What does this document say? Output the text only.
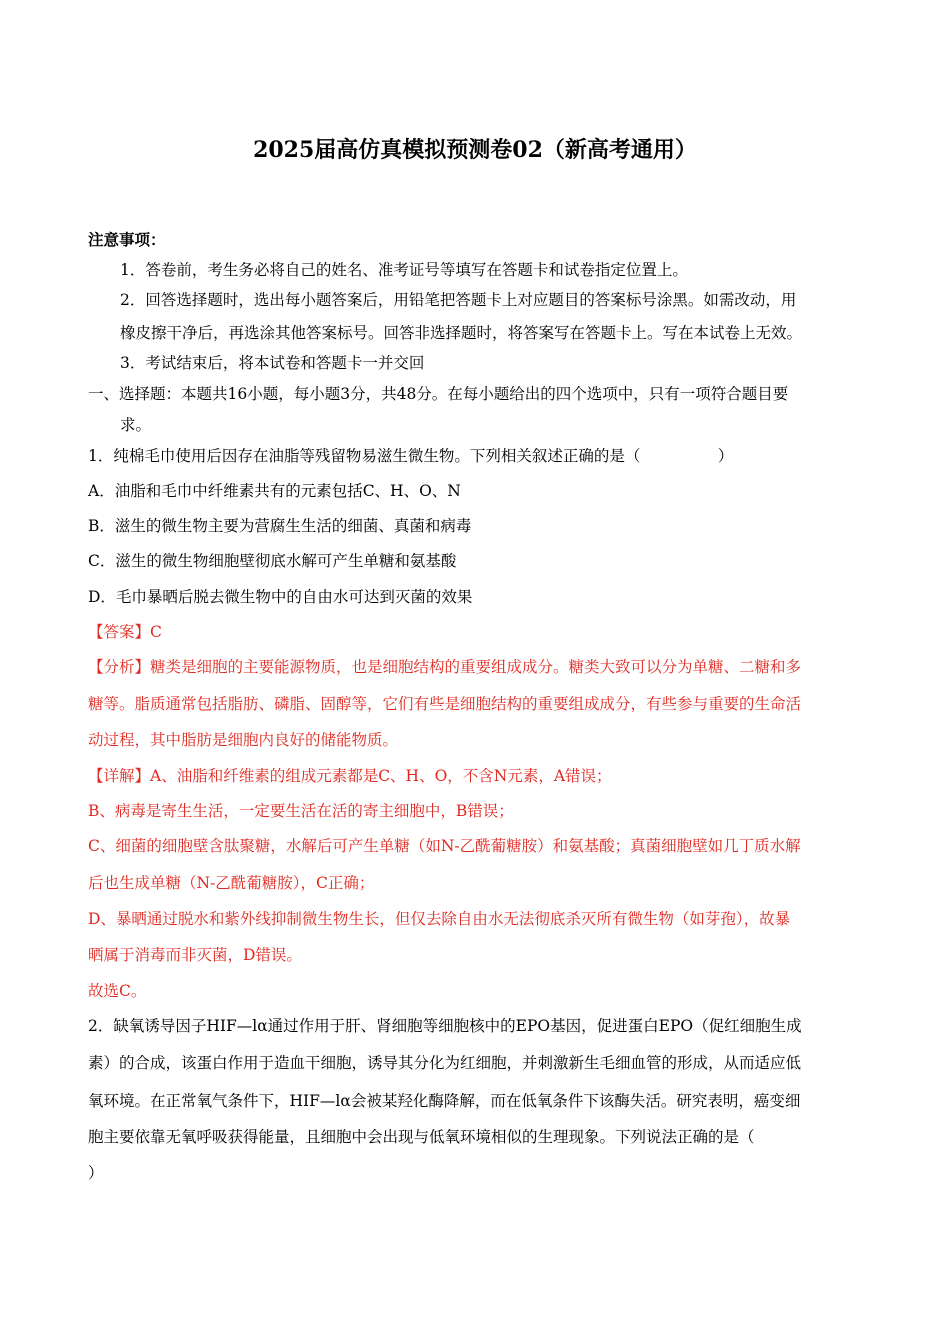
2025届高仿真模拟预测卷02（新高考通用）
注意事项：
1．答卷前，考生务必将自己的姓名、准考证号等填写在答题卡和试卷指定位置上。
2．回答选择题时，选出每小题答案后，用铅笔把答题卡上对应题目的答案标号涂黑。如需改动，用
橡皮擦干净后，再选涂其他答案标号。回答非选择题时，将答案写在答题卡上。写在本试卷上无效。
3．考试结束后，将本试卷和答题卡一并交回
一、选择题：本题共16小题，每小题3分，共48分。在每小题给出的四个选项中，只有一项符合题目要
求。
1．纯棉毛巾使用后因存在油脂等残留物易滋生微生物。下列相关叙述正确的是（　　　　　）
A．油脂和毛巾中纤维素共有的元素包括C、H、O、N
B．滋生的微生物主要为营腐生生活的细菌、真菌和病毒
C．滋生的微生物细胞壁彻底水解可产生单糖和氨基酸
D．毛巾暴晒后脱去微生物中的自由水可达到灭菌的效果
【答案】C
【分析】糖类是细胞的主要能源物质，也是细胞结构的重要组成成分。糖类大致可以分为单糖、二糖和多
糖等。脂质通常包括脂肪、磷脂、固醇等，它们有些是细胞结构的重要组成成分，有些参与重要的生命活
动过程，其中脂肪是细胞内良好的储能物质。
【详解】A、油脂和纤维素的组成元素都是C、H、O，不含N元素，A错误；
B、病毒是寄生生活，一定要生活在活的寄主细胞中，B错误；
C、细菌的细胞壁含肽聚糖，水解后可产生单糖（如N-乙酰葡糖胺）和氨基酸；真菌细胞壁如几丁质水解
后也生成单糖（N-乙酰葡糖胺），C正确；
D、暴晒通过脱水和紫外线抑制微生物生长，但仅去除自由水无法彻底杀灭所有微生物（如芽孢），故暴
晒属于消毒而非灭菌，D错误。
故选C。
2．缺氧诱导因子HIF—lα通过作用于肝、肾细胞等细胞核中的EPO基因，促进蛋白EPO（促红细胞生成
素）的合成，该蛋白作用于造血干细胞，诱导其分化为红细胞，并刺激新生毛细血管的形成，从而适应低
氧环境。在正常氧气条件下，HIF—lα会被某羟化酶降解，而在低氧条件下该酶失活。研究表明，癌变细
胞主要依靠无氧呼吸获得能量，且细胞中会出现与低氧环境相似的生理现象。下列说法正确的是（
）
